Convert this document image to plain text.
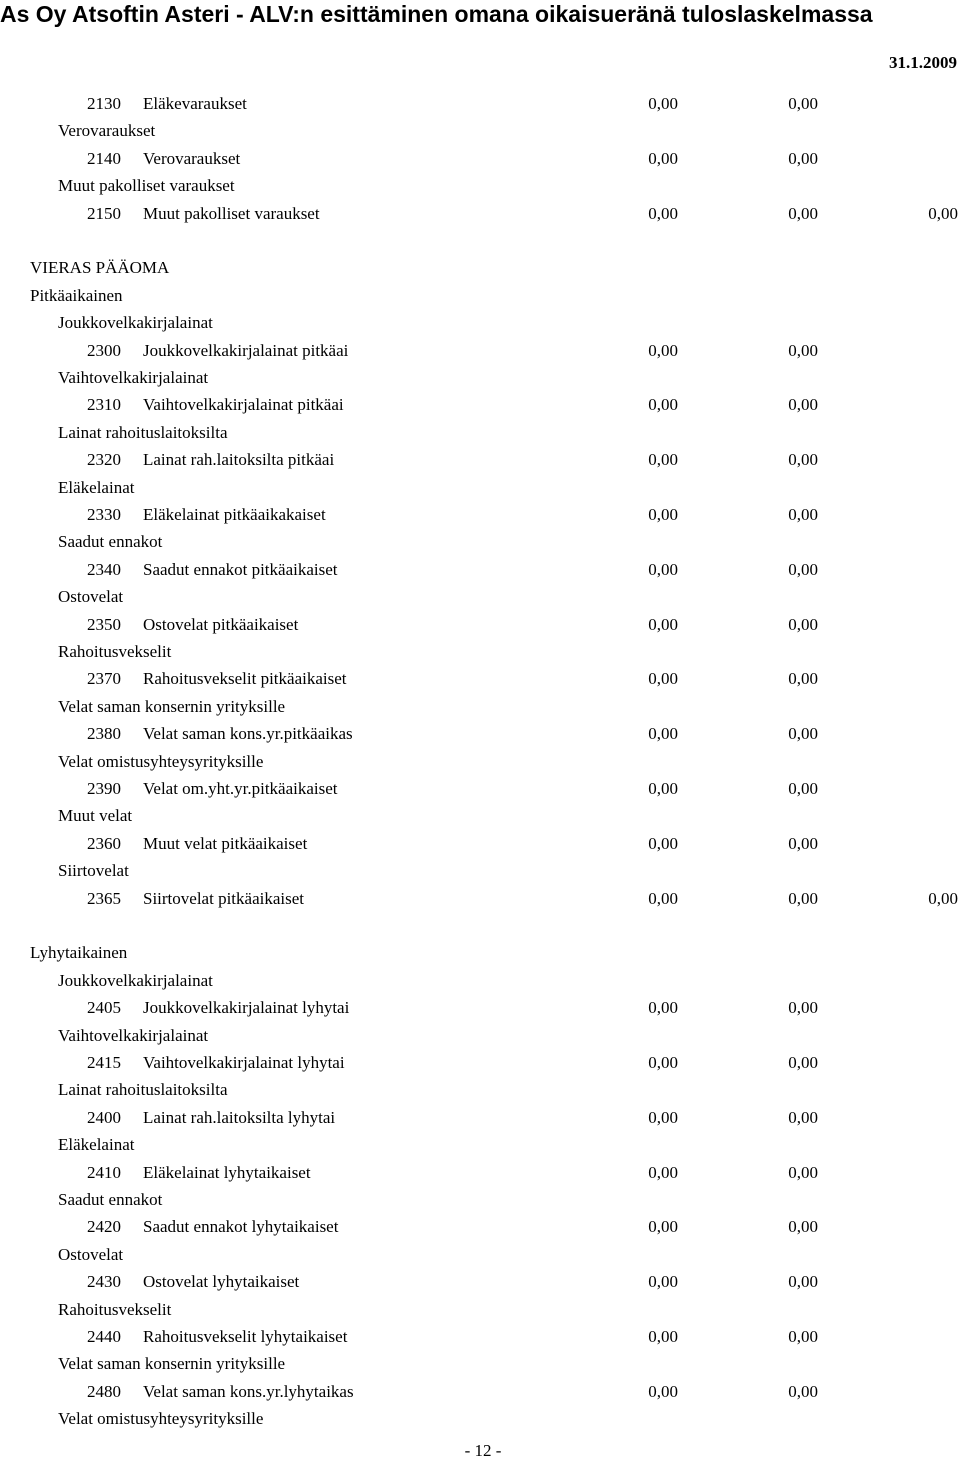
As Oy Atsoftin Asteri - ALV:n esittäminen omana oikaisueränä tuloslaskelmassa
31.1.2009
2130 Eläkevaraukset	0,00	0,00
Verovaraukset
2140 Verovaraukset	0,00	0,00
Muut pakolliset varaukset
2150 Muut pakolliset varaukset	0,00	0,00	0,00
VIERAS PÄÄOMA
Pitkäaikainen
Joukkovelkakirjalainat
2300 Joukkovelkakirjalainat pitkäai	0,00	0,00
Vaihtovelkakirjalainat
2310 Vaihtovelkakirjalainat pitkäai	0,00	0,00
Lainat rahoituslaitoksilta
2320 Lainat rah.laitoksilta pitkäai	0,00	0,00
Eläkelainat
2330 Eläkelainat pitkäaikakaiset	0,00	0,00
Saadut ennakot
2340 Saadut ennakot pitkäaikaiset	0,00	0,00
Ostovelat
2350 Ostovelat pitkäaikaiset	0,00	0,00
Rahoitusvekselit
2370 Rahoitusvekselit pitkäaikaiset	0,00	0,00
Velat saman konsernin yrityksille
2380 Velat saman kons.yr.pitkäaikas	0,00	0,00
Velat omistusyhteysyrityksille
2390 Velat om.yht.yr.pitkäaikaiset	0,00	0,00
Muut velat
2360 Muut velat pitkäaikaiset	0,00	0,00
Siirtovelat
2365 Siirtovelat pitkäaikaiset	0,00	0,00	0,00
Lyhytaikainen
Joukkovelkakirjalainat
2405 Joukkovelkakirjalainat lyhytai	0,00	0,00
Vaihtovelkakirjalainat
2415 Vaihtovelkakirjalainat lyhytai	0,00	0,00
Lainat rahoituslaitoksilta
2400 Lainat rah.laitoksilta lyhytai	0,00	0,00
Eläkelainat
2410 Eläkelainat lyhytaikaiset	0,00	0,00
Saadut ennakot
2420 Saadut ennakot lyhytaikaiset	0,00	0,00
Ostovelat
2430 Ostovelat lyhytaikaiset	0,00	0,00
Rahoitusvekselit
2440 Rahoitusvekselit lyhytaikaiset	0,00	0,00
Velat saman konsernin yrityksille
2480 Velat saman kons.yr.lyhytaikas	0,00	0,00
Velat omistusyhteysyrityksille
- 12 -
